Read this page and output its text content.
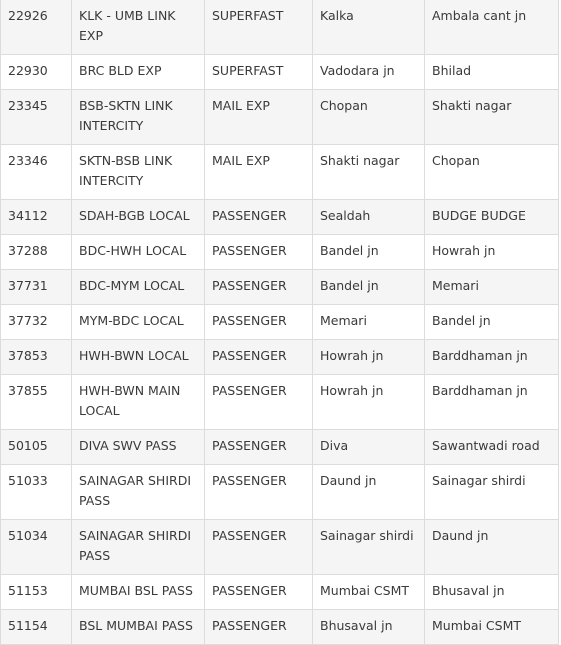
22926	KLK - UMB LINK EXP	SUPERFAST	Kalka	Ambala cant jn
22930	BRC BLD EXP	SUPERFAST	Vadodara jn	Bhilad
23345	BSB-SKTN LINK INTERCITY	MAIL EXP	Chopan	Shakti nagar
23346	SKTN-BSB LINK INTERCITY	MAIL EXP	Shakti nagar	Chopan
34112	SDAH-BGB LOCAL	PASSENGER	Sealdah	BUDGE BUDGE
37288	BDC-HWH LOCAL	PASSENGER	Bandel jn	Howrah jn
37731	BDC-MYM LOCAL	PASSENGER	Bandel jn	Memari
37732	MYM-BDC LOCAL	PASSENGER	Memari	Bandel jn
37853	HWH-BWN LOCAL	PASSENGER	Howrah jn	Barddhaman jn
37855	HWH-BWN MAIN LOCAL	PASSENGER	Howrah jn	Barddhaman jn
50105	DIVA SWV PASS	PASSENGER	Diva	Sawantwadi road
51033	SAINAGAR SHIRDI PASS	PASSENGER	Daund jn	Sainagar shirdi
51034	SAINAGAR SHIRDI PASS	PASSENGER	Sainagar shirdi	Daund jn
51153	MUMBAI BSL PASS	PASSENGER	Mumbai CSMT	Bhusaval jn
51154	BSL MUMBAI PASS	PASSENGER	Bhusaval jn	Mumbai CSMT
